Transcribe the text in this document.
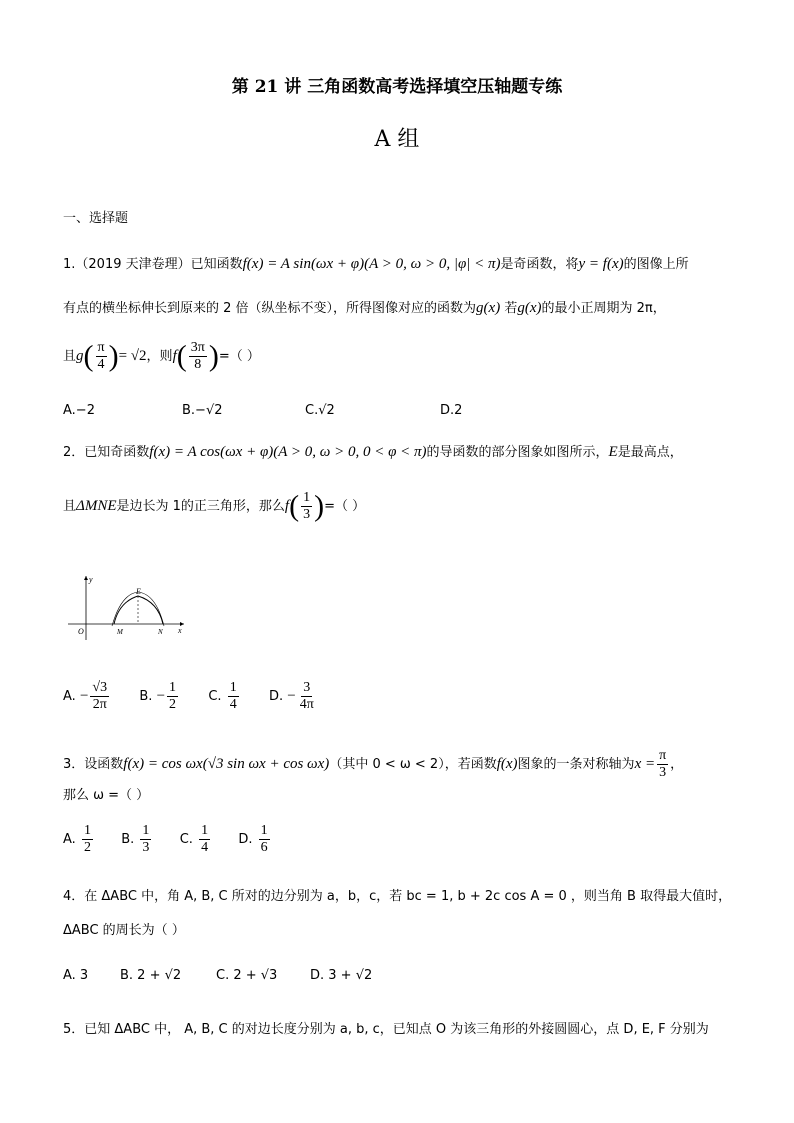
第 21 讲 三角函数高考选择填空压轴题专练
A 组
一、选择题
1.（2019 天津卷理）已知函数f(x) = A sin(ωx + φ)(A > 0, ω > 0, |φ| < π)是奇函数，将y = f(x)的图像上所
有点的横坐标伸长到原来的 2 倍（纵坐标不变），所得图像对应的函数为g(x) 若g(x)的最小正周期为 2π，
且$g( \frac{\pi}{4}$ )= √2，则$f( \frac{3\pi}{8}$ )=（ ）
A.−2	B.−√2	C.√2	D.2
2．已知奇函数f(x) = A cos(ωx + φ)(A > 0, ω > 0, 0 < φ < π)的导函数的部分图象如图所示，E是最高点，
且ΔMNE是边长为 1的正三角形，那么$f( \frac{1}{3}$ )=（ ）
y
x
O	M	N
E
A. − $\frac{√3}{2\pi} B$. − $\frac{1}{2} C$. $\frac{1}{4} D$. − $\frac{3}{4\pi}$
3．设函数f(x) = cos ωx(√3 sin ωx + cos ωx)（其中 0 < ω < 2），若函数f(x)图象的一条对称轴为$x = \frac{\pi}{3}$ ，
那么 ω =（ ）
A. $\frac{1}{2} B$. $\frac{1}{3} C$. $\frac{1}{4} D$. $\frac{1}{6}$
4．在 ΔABC 中，角 A, B, C 所对的边分别为 a，b，c，若 bc = 1, b + 2c cos A = 0 ，则当角 B 取得最大值时，
ΔABC 的周长为（ ）
A. 3 B. 2 + √2	C. 2 + √3	D. 3 + √2
5．已知 ΔABC 中， A, B, C 的对边长度分别为 a, b, c，已知点 O 为该三角形的外接圆圆心，点 D, E, F 分别为
